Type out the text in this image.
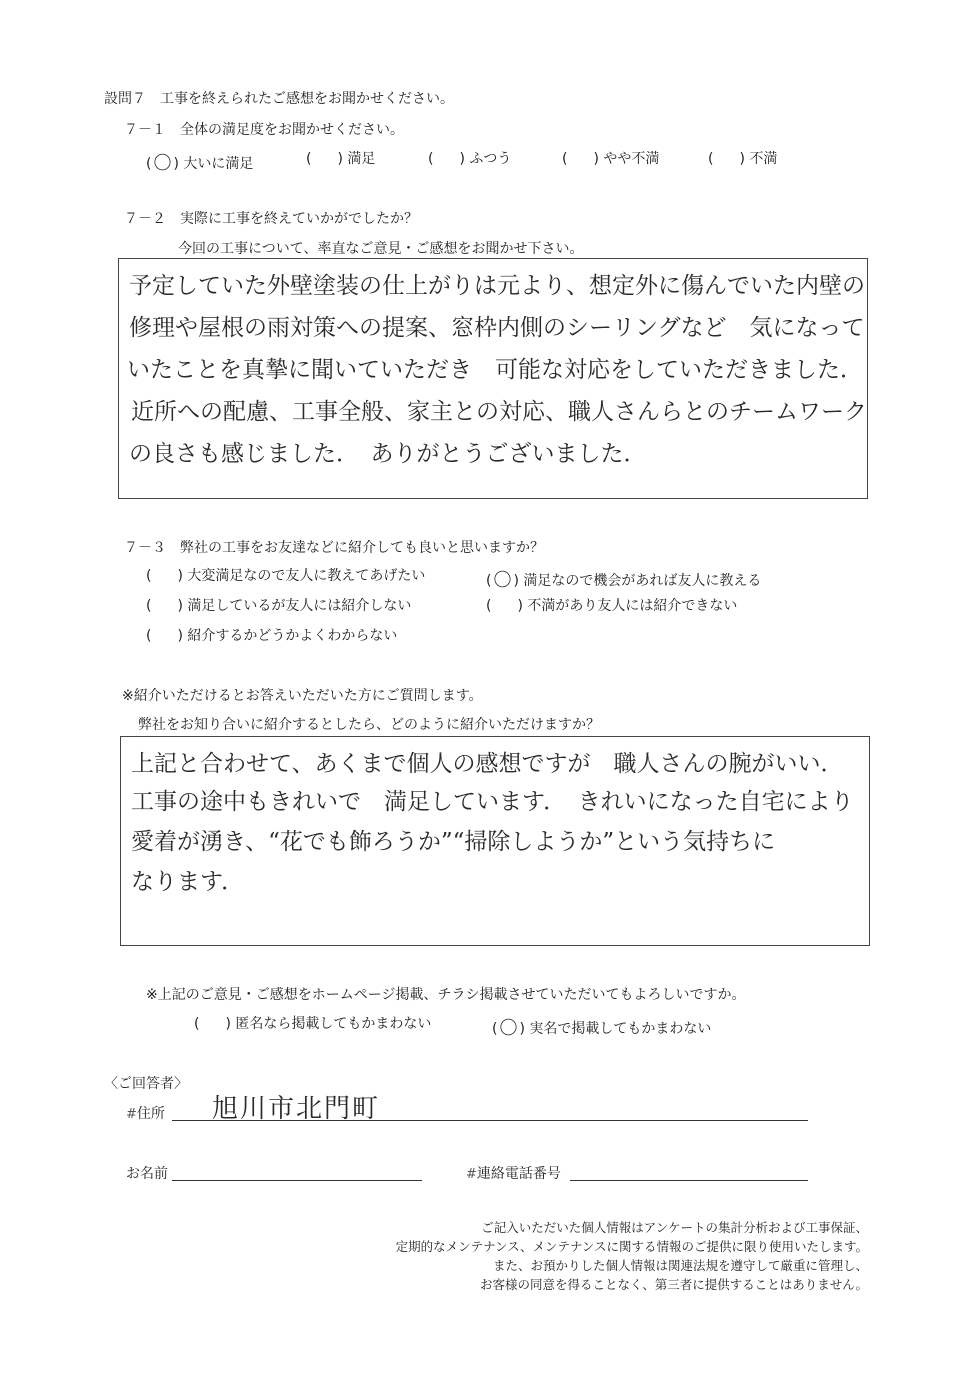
設問７　工事を終えられたご感想をお聞かせください。
７－１　全体の満足度をお聞かせください。
( 〇 ) 大いに満足	( ) 満足	( ) ふつう	( ) やや不満	( ) 不満
７－２　実際に工事を終えていかがでしたか？
今回の工事について、率直なご意見・ご感想をお聞かせ下さい。
予定していた外壁塗装の仕上がりは元より、想定外に傷んでいた内壁の
修理や屋根の雨対策への提案、窓枠内側のシーリングなど　気になって
いたことを真摯に聞いていただき　可能な対応をしていただきました．
近所への配慮、工事全般、家主との対応、職人さんらとのチームワーク
の良さも感じました．　ありがとうございました．
７－３　弊社の工事をお友達などに紹介しても良いと思いますか？
( ) 大変満足なので友人に教えてあげたい	( 〇 ) 満足なので機会があれば友人に教える
( ) 満足しているが友人には紹介しない	( ) 不満があり友人には紹介できない
( ) 紹介するかどうかよくわからない
※紹介いただけるとお答えいただいた方にご質問します。
弊社をお知り合いに紹介するとしたら、どのように紹介いただけますか？
上記と合わせて、あくまで個人の感想ですが　職人さんの腕がいい．
工事の途中もきれいで　満足しています．　きれいになった自宅により
愛着が湧き、“花でも飾ろうか”“掃除しようか”という気持ちに
なります．
※上記のご意見・ご感想をホームページ掲載、チラシ掲載させていただいてもよろしいですか。
( ) 匿名なら掲載してもかまわない	( 〇 ) 実名で掲載してもかまわない
〈ご回答者〉
#住所 旭川市北門町
お名前	#連絡電話番号
ご記入いただいた個人情報はアンケートの集計分析および工事保証、
定期的なメンテナンス、メンテナンスに関する情報のご提供に限り使用いたします。
また、お預かりした個人情報は関連法規を遵守して厳重に管理し、
お客様の同意を得ることなく、第三者に提供することはありません。
